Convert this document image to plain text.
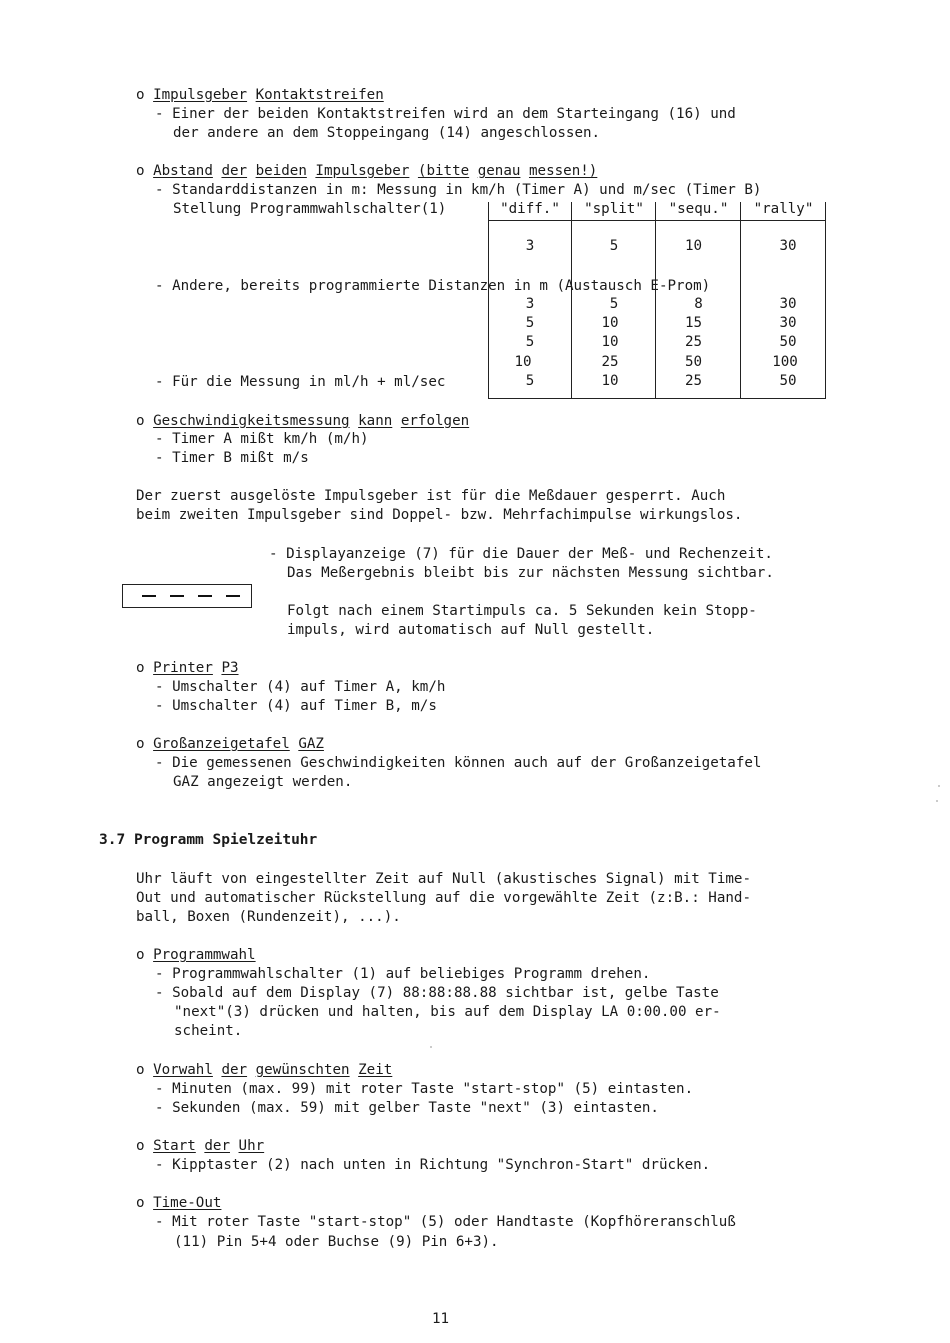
o Impulsgeber Kontaktstreifen
- Einer der beiden Kontaktstreifen wird an dem Starteingang (16) und
der andere an dem Stoppeingang (14) angeschlossen.
o Abstand der beiden Impulsgeber (bitte genau messen!)
- Standarddistanzen in m: Messung in km/h (Timer A) und m/sec (Timer B)
Stellung Programmwahlschalter(1)	"diff."	"split"	"sequ."	"rally"
3	5	10	30
- Andere, bereits programmierte Distanzen in m (Austausch E-Prom)
3	5	8	30
5	10	15	30
5	10	25	50
10	25	50	100
- Für die Messung in ml/h + ml/sec	5	10	25	50
o Geschwindigkeitsmessung kann erfolgen
- Timer A mißt km/h (m/h)
- Timer B mißt m/s
Der zuerst ausgelöste Impulsgeber ist für die Meßdauer gesperrt. Auch
beim zweiten Impulsgeber sind Doppel- bzw. Mehrfachimpulse wirkungslos.
- Displayanzeige (7) für die Dauer der Meß- und Rechenzeit.
Das Meßergebnis bleibt bis zur nächsten Messung sichtbar.
Folgt nach einem Startimpuls ca. 5 Sekunden kein Stopp-
impuls, wird automatisch auf Null gestellt.
o Printer P3
- Umschalter (4) auf Timer A, km/h
- Umschalter (4) auf Timer B, m/s
o Großanzeigetafel GAZ
- Die gemessenen Geschwindigkeiten können auch auf der Großanzeigetafel
GAZ angezeigt werden.
3.7 Programm Spielzeituhr
Uhr läuft von eingestellter Zeit auf Null (akustisches Signal) mit Time-
Out und automatischer Rückstellung auf die vorgewählte Zeit (z:B.: Hand-
ball, Boxen (Rundenzeit), ...).
o Programmwahl
- Programmwahlschalter (1) auf beliebiges Programm drehen.
- Sobald auf dem Display (7) 88:88:88.88 sichtbar ist, gelbe Taste
"next"(3) drücken und halten, bis auf dem Display LA 0:00.00 er-
scheint.
o Vorwahl der gewünschten Zeit
- Minuten (max. 99) mit roter Taste "start-stop" (5) eintasten.
- Sekunden (max. 59) mit gelber Taste "next" (3) eintasten.
o Start der Uhr
- Kipptaster (2) nach unten in Richtung "Synchron-Start" drücken.
o Time-Out
- Mit roter Taste "start-stop" (5) oder Handtaste (Kopfhöreranschluß
(11) Pin 5+4 oder Buchse (9) Pin 6+3).
11
